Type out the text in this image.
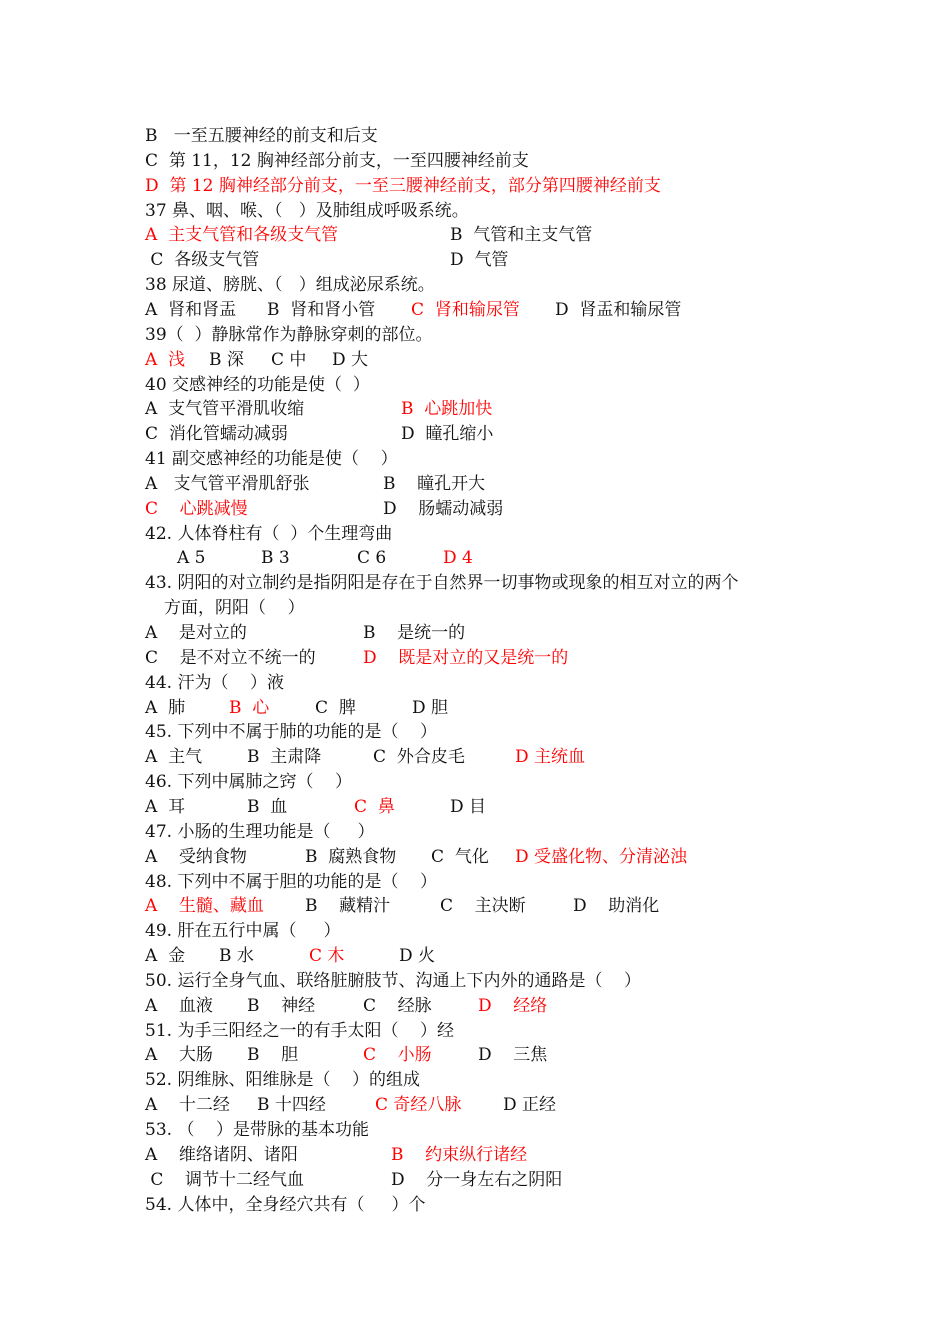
B   一至五腰神经的前支和后支
C  第 11，12 胸神经部分前支，一至四腰神经前支
D  第 12 胸神经部分前支，一至三腰神经前支，部分第四腰神经前支
37 鼻、咽、喉、（   ）及肺组成呼吸系统。
A  主支气管和各级支气管	B  气管和主支气管
C  各级支气管	D  气管
38 尿道、膀胱、（   ）组成泌尿系统。
A  肾和肾盂 B  肾和肾小管 C  肾和输尿管 D  肾盂和输尿管
39（  ）静脉常作为静脉穿刺的部位。
A  浅 B 深 C 中 D 大
40 交感神经的功能是使（  ）
A  支气管平滑肌收缩	B  心跳加快
C  消化管蠕动减弱	D  瞳孔缩小
41 副交感神经的功能是使（    ）
A   支气管平滑肌舒张	B    瞳孔开大
C    心跳减慢	D    肠蠕动减弱
42. 人体脊柱有（  ）个生理弯曲
A 5	B 3	C 6	D 4
43. 阴阳的对立制约是指阴阳是存在于自然界一切事物或现象的相互对立的两个
方面，阴阳（    ）
A    是对立的	B    是统一的
C    是不对立不统一的	D    既是对立的又是统一的
44. 汗为（    ）液
A  肺	B  心	C  脾	D 胆
45. 下列中不属于肺的功能的是（    ）
A  主气	B  主肃降	C  外合皮毛	D 主统血
46. 下列中属肺之窍（    ）
A  耳	B  血	C  鼻	D 目
47. 小肠的生理功能是（     ）
A    受纳食物	B  腐熟食物 C  气化 D 受盛化物、分清泌浊
48. 下列中不属于胆的功能的是（    ）
A    生髓、藏血 B    藏精汁	C    主决断	D    助消化
49. 肝在五行中属（     ）
A  金 B 水	C 木	D 火
50. 运行全身气血、联络脏腑肢节、沟通上下内外的通路是（    ）
A    血液 B    神经	C    经脉	D    经络
51. 为手三阳经之一的有手太阳（    ）经
A    大肠 B    胆	C    小肠	D    三焦
52. 阴维脉、阳维脉是（    ）的组成
A    十二经 B 十四经	C 奇经八脉 D 正经
53. （    ）是带脉的基本功能
A    维络诸阴、诸阳	B    约束纵行诸经
C    调节十二经气血	D    分一身左右之阴阳
54. 人体中，全身经穴共有（     ）个
